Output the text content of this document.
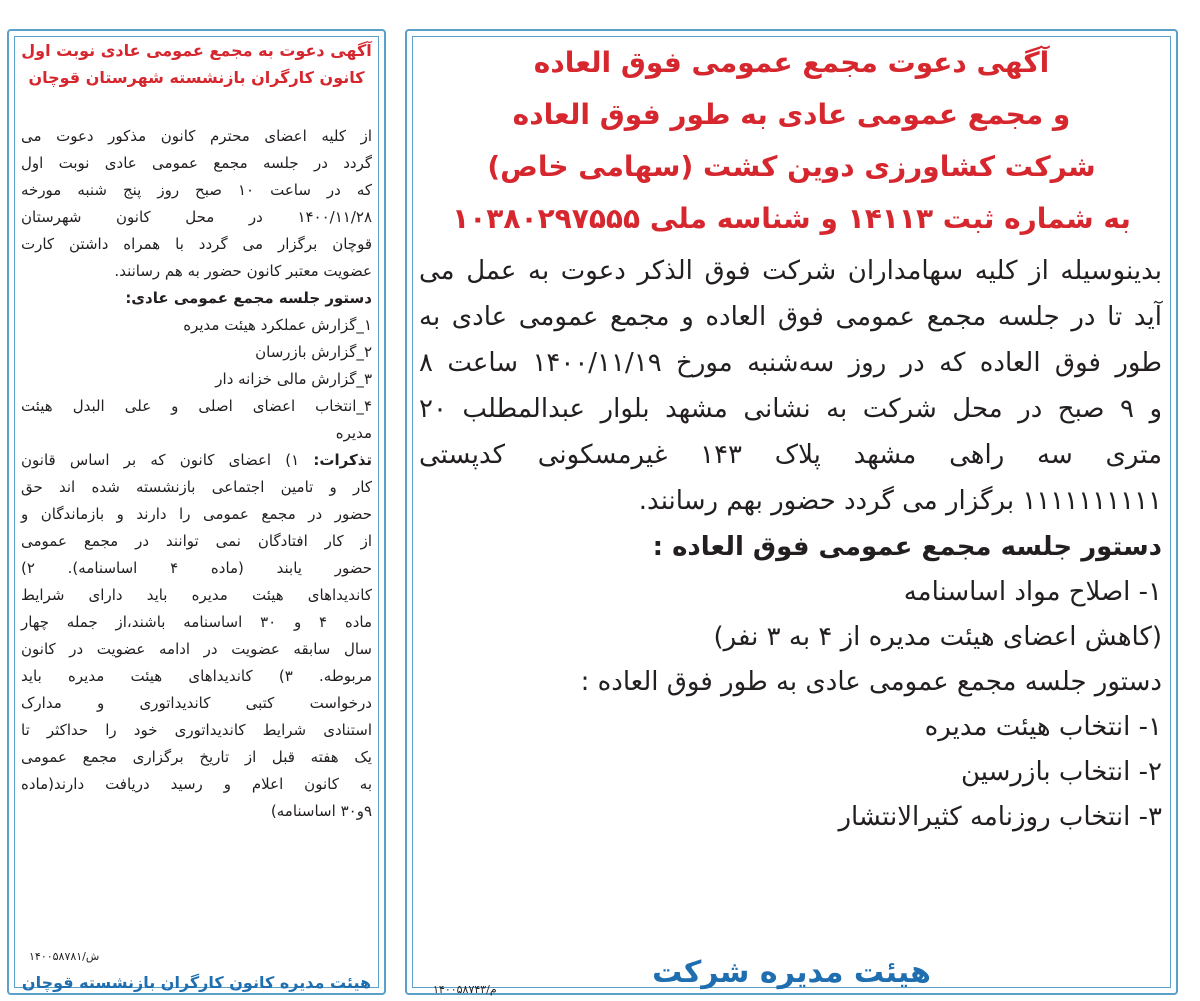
آگهی دعوت مجمع عمومی فوق العاده
و مجمع عمومی عادی به طور فوق العاده
شرکت کشاورزی دوین کشت (سهامی خاص)
به شماره ثبت ۱۴۱۱۳ و شناسه ملی ۱۰۳۸۰۲۹۷۵۵۵
بدینوسیله از کلیه سهامداران شرکت فوق الذکر دعوت به عمل می
آید تا در جلسه مجمع عمومی فوق العاده و مجمع عمومی عادی به
طور فوق العاده که در روز سه‌شنبه مورخ ۱۴۰۰/۱۱/۱۹ ساعت ۸
و ۹ صبح در محل شرکت به نشانی مشهد بلوار عبدالمطلب ۲۰
متری سه راهی مشهد پلاک ۱۴۳ غیرمسکونی کدپستی
۱۱۱۱۱۱۱۱۱۱ برگزار می گردد حضور بهم رسانند.
دستور جلسه مجمع عمومی فوق العاده :
۱- اصلاح مواد اساسنامه
(کاهش اعضای هیئت مدیره از ۴ به ۳ نفر)
دستور جلسه مجمع عمومی عادی به طور فوق العاده :
۱- انتخاب هیئت مدیره
۲- انتخاب بازرسین
۳- انتخاب روزنامه کثیرالانتشار
هیئت مدیره شرکت
۱۴۰۰۵۸۷۴۳/م
آگهی دعوت به مجمع عمومی عادی نوبت اول
کانون کارگران بازنشسته شهرستان قوچان
از کلیه اعضای محترم کانون مذکور دعوت می
گردد در جلسه مجمع عمومی عادی نوبت اول
که در ساعت ۱۰ صبح روز پنج شنبه مورخه
۱۴۰۰/۱۱/۲۸ در محل کانون شهرستان
قوچان برگزار می گردد با همراه داشتن کارت
عضویت معتبر کانون حضور به هم رسانند.
دستور جلسه مجمع عمومی عادی:
۱_گزارش عملکرد هیئت مدیره
۲_گزارش بازرسان
۳_گزارش مالی خزانه دار
۴_انتخاب اعضای اصلی و علی البدل هیئت
مدیره
تذکرات: ۱) اعضای کانون که بر اساس قانون
کار و تامین اجتماعی بازنشسته شده اند حق
حضور در مجمع عمومی را دارند و بازماندگان و
از کار افتادگان نمی توانند در مجمع عمومی
حضور یابند (ماده ۴ اساسنامه). ۲)
کاندیداهای هیئت مدیره باید دارای شرایط
ماده ۴ و ۳۰ اساسنامه باشند،از جمله چهار
سال سابقه عضویت در ادامه عضویت در کانون
مربوطه. ۳) کاندیداهای هیئت مدیره باید
درخواست کتبی کاندیداتوری و مدارک
استنادی شرایط کاندیداتوری خود را حداکثر تا
یک هفته قبل از تاریخ برگزاری مجمع عمومی
به کانون اعلام و رسید دریافت دارند(ماده
۹و۳۰ اساسنامه)
۱۴۰۰۵۸۷۸۱/ش
هیئت مدیره کانون کارگران بازنشسته قوچان
